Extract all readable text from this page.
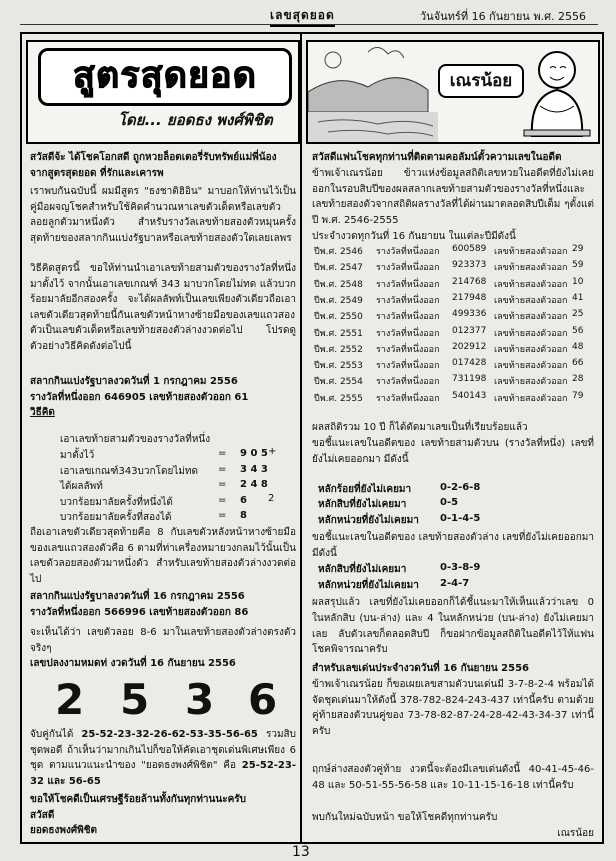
เลขสุดยอด	วันจันทร์ที่ 16 กันยายน พ.ศ. 2556
สูตรสุดยอด
โดย... ยอดธง พงศ์พิชิต
เณรน้อย

สวัสดีจ้ะ ได้โชคโอกสดี ถูกหวยล็อตเตอรี่รับทรัพย์แม่พี่น้อง

จากสูตรสุดยอด ที่รักและเคารพ

เราพบกันฉบับนี้ ผมมีสูตร "ธงชาติฮิอิน" มาบอกให้ท่านไว้เป็นคู่มือผจญโชคสำหรับใช้คิดคำนวณหาเลขตัวเด็ดหรือเลขตัวลอยลูกตัวมาหนึ่งตัว สำหรับรางวัลเลขท้ายสองตัวหมุนครั้งสุดท้ายของสลากกินแบ่งรัฐบาลหรือเลขท้ายสองตัวใดเลยเลพร

วิธีคิดสูตรนี้ ขอให้ท่านนำเอาเลขท้ายสามตัวของรางวัลที่หนึ่งมาตั้งไว้ จากนั้นเอาเลขเกณฑ์ 343 มาบวกโดยไม่ทด แล้วบวกร้อยมาลัยอีกสองครั้ง จะได้ผลลัพท์เป็นเลขเพียงตัวเดียวถือเอาเลขตัวเดียวสุดท้ายนี้กันเลขตัวหน้าหางซ้ายมือของเลขแถวสองตัวเป็นเลขตัวเด็ดหรือเลขท้ายสองตัวล่างงวดต่อไป โปรดดูตัวอย่างวิธีคิดดังต่อไปนี้

สลากกินแบ่งรัฐบาลงวดวันที่ 1 กรกฎาคม 2556

รางวัลที่หนึ่งออก 646905 เลขท้ายสองตัวออก 61

วิธีคิด

เอาเลขท้ายสามตัวของรางวัลที่หนึ่ง
มาตั้งไว้	= 9 0 5 +
เอาเลขเกณฑ์343บวกโดยไม่ทด = 3 4 3
ได้ผลลัพท์	= 2 4 8
บวกร้อยมาลัยครั้งที่หนึ่งได้	= 6 2
บวกร้อยมาลัยครั้งที่สองได้	= 8

ถือเอาเลขตัวเดียวสุดท้ายคือ 8 กับเลขตัวหลังหน้าหางซ้ายมือของเลขแถวสองตัวคือ 6 ตามที่ท่าเครื่องหมายวงกลมไว้นั้นเป็นเลขตัวลอยสองตัวมาหนึ่งตัว สำหรับเลขท้ายสองตัวล่างงวดต่อไป

สลากกินแบ่งรัฐบาลงวดวันที่ 16 กรกฎาคม 2556

รางวัลที่หนึ่งออก 566996 เลขท้ายสองตัวออก 86

จะเห็นได้ว่า เลขตัวลอย 8-6 มาในเลขท้ายสองตัวล่างตรงตัวจริงๆ

เลขปลงงามหมดท่ งวดวันที่ 16 กันยายน 2556

2 5 3 6

จับคู่กันได้ 25-52-23-32-26-62-53-35-56-65 รวมสิบชุดพอดี ถ้าเห็นว่ามากเกินไปก็ขอให้คัดเอาชุดเด่นพิเศษเพียง 6 ชุด ตามแนวแนะนำของ "ยอดธงพงศ์พิชิต" คือ 25-52-23-32 และ 56-65

ขอให้โชคดีเป็นเศรษฐีร้อยล้านทั้งกันทุกท่านนะครับ

สวัสดี

ยอดธงพงศ์พิชิต

สวัสดีแฟนโชคทุกท่านที่ติดตามคอลัมน์ตั้วความเลขในอดีต

ข้าพเจ้าเณรน้อย ข้าวแห่งข้อมูลสถิติเลขหวยในอดีตที่ยังไม่เคยออกในรอบสิบปีของผลสลากเลขท้ายสามตัวของรางวัลที่หนึ่งและเลขท้ายสองตัวจากสถิติผลรางวัลที่ได้ผ่านมาตลอดสิบปีเต็ม ๆตั้งแต่ปี พ.ศ. 2546-2555

ประจำงวดทุกวันที่ 16 กันยายน ในแต่ละปีมีดังนี้

ปีพ.ศ. 2546 รางวัลที่หนึ่งออก 600589 เลขท้ายสองตัวออก 29
ปีพ.ศ. 2547 รางวัลที่หนึ่งออก 923373 เลขท้ายสองตัวออก 59
ปีพ.ศ. 2548 รางวัลที่หนึ่งออก 214768 เลขท้ายสองตัวออก 10
ปีพ.ศ. 2549 รางวัลที่หนึ่งออก 217948 เลขท้ายสองตัวออก 41
ปีพ.ศ. 2550 รางวัลที่หนึ่งออก 499336 เลขท้ายสองตัวออก 25
ปีพ.ศ. 2551 รางวัลที่หนึ่งออก 012377 เลขท้ายสองตัวออก 56
ปีพ.ศ. 2552 รางวัลที่หนึ่งออก 202912 เลขท้ายสองตัวออก 48
ปีพ.ศ. 2553 รางวัลที่หนึ่งออก 017428 เลขท้ายสองตัวออก 66
ปีพ.ศ. 2554 รางวัลที่หนึ่งออก 731198 เลขท้ายสองตัวออก 28
ปีพ.ศ. 2555 รางวัลที่หนึ่งออก 540143 เลขท้ายสองตัวออก 79

ผลสถิติรวม 10 ปี ก็ได้ตัดมาเลขเป็นที่เรียบร้อยแล้ว

ขอชี้แนะเลขในอดีตของ เลขท้ายสามตัวบน (รางวัลที่หนึ่ง) เลขที่ยังไม่เคยออกมา มีดังนี้

หลักร้อยที่ยังไม่เคยมา	0-2-6-8
หลักสิบที่ยังไม่เคยมา	0-5
หลักหน่วยที่ยังไม่เคยมา 0-1-4-5

ขอชี้แนะเลขในอดีตของ เลขท้ายสองตัวล่าง เลขที่ยังไม่เคยออกมา มีดังนี้

หลักสิบที่ยังไม่เคยมา	0-3-8-9
หลักหน่วยที่ยังไม่เคยมา 2-4-7

ผลสรุปแล้ว เลขที่ยังไม่เคยออกก็ได้ชี้แนะมาให้เห็นแล้วว่าเลข 0 ในหลักสิบ (บน-ล่าง) และ 4 ในหลักหน่วย (บน-ล่าง) ยังไม่เคยมาเลย ลับตัวเลขก็ตลอดสิบปี ก็ขอฝากข้อมูลสถิติในอดีตไว้ให้แฟนโชคพิจารณาครับ

สำหรับเลขเด่นประจำงวดวันที่ 16 กันยายน 2556

ข้าพเจ้าเณรน้อย ก็ขอเผยเลขสามตัวบนเด่นมี 3-7-8-2-4 พร้อมได้จัดชุดเด่นมาให้ดังนี้ 378-782-824-243-437 เท่านี้ครับ ตามด้วยคู่ท้ายสองตัวบนคู่ของ 73-78-82-87-24-28-42-43-34-37 เท่านี้ครับ

ฤกษ์ล่างสองตัวคู่ท้าย งวดนี้จะต้องมีเลขเด่นดังนี้ 40-41-45-46-48 และ 50-51-55-56-58 และ 10-11-15-16-18 เท่านี้ครับ

พบกันใหม่ฉบับหน้า ขอให้โชคดีทุกท่านครับ

เณรน้อย

13
